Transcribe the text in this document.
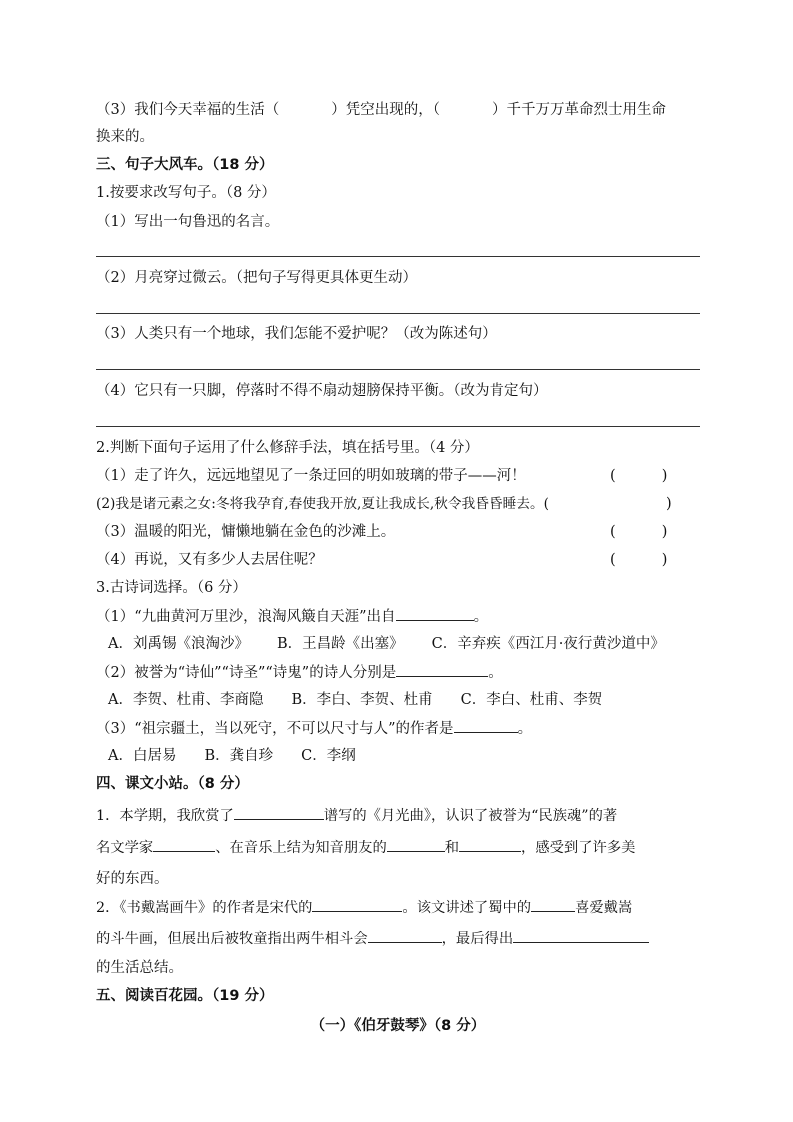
（3）我们今天幸福的生活（	）凭空出现的，（	）千千万万革命烈士用生命
换来的。
三、句子大风车。（18 分）
1.按要求改写句子。（8 分）
（1）写出一句鲁迅的名言。
（2）月亮穿过微云。（把句子写得更具体更生动）
（3）人类只有一个地球，我们怎能不爱护呢？（改为陈述句）
（4）它只有一只脚，停落时不得不扇动翅膀保持平衡。（改为肯定句）
2.判断下面句子运用了什么修辞手法，填在括号里。（4 分）
（1）走了许久，远远地望见了一条迂回的明如玻璃的带子——河！	(          )
(2)我是诸元素之女:冬将我孕育,春使我开放,夏让我成长,秋令我昏昏睡去。(	)
（3）温暖的阳光，慵懒地躺在金色的沙滩上。	(          )
（4）再说，又有多少人去居住呢？	(          )
3.古诗词选择。（6 分）
（1）“九曲黄河万里沙，浪淘风簸自天涯”出自	。
A．刘禹锡《浪淘沙》 B．王昌龄《出塞》 C．辛弃疾《西江月·夜行黄沙道中》
（2）被誉为“诗仙”“诗圣”“诗鬼”的诗人分别是	。
A．李贺、杜甫、李商隐 B．李白、李贺、杜甫 C．李白、杜甫、李贺
（3）“祖宗疆土，当以死守，不可以尺寸与人”的作者是	。
A．白居易 B．龚自珍 C．李纲
四、课文小站。（8 分）
1．本学期，我欣赏了	谱写的《月光曲》，认识了被誉为“民族魂”的著
名文学家	、在音乐上结为知音朋友的	和	，感受到了许多美
好的东西。
2．《书戴嵩画牛》的作者是宋代的	。该文讲述了蜀中的	喜爱戴嵩
的斗牛画，但展出后被牧童指出两牛相斗会	，最后得出
的生活总结。
五、阅读百花园。（19 分）
（一）《伯牙鼓琴》（8 分）
